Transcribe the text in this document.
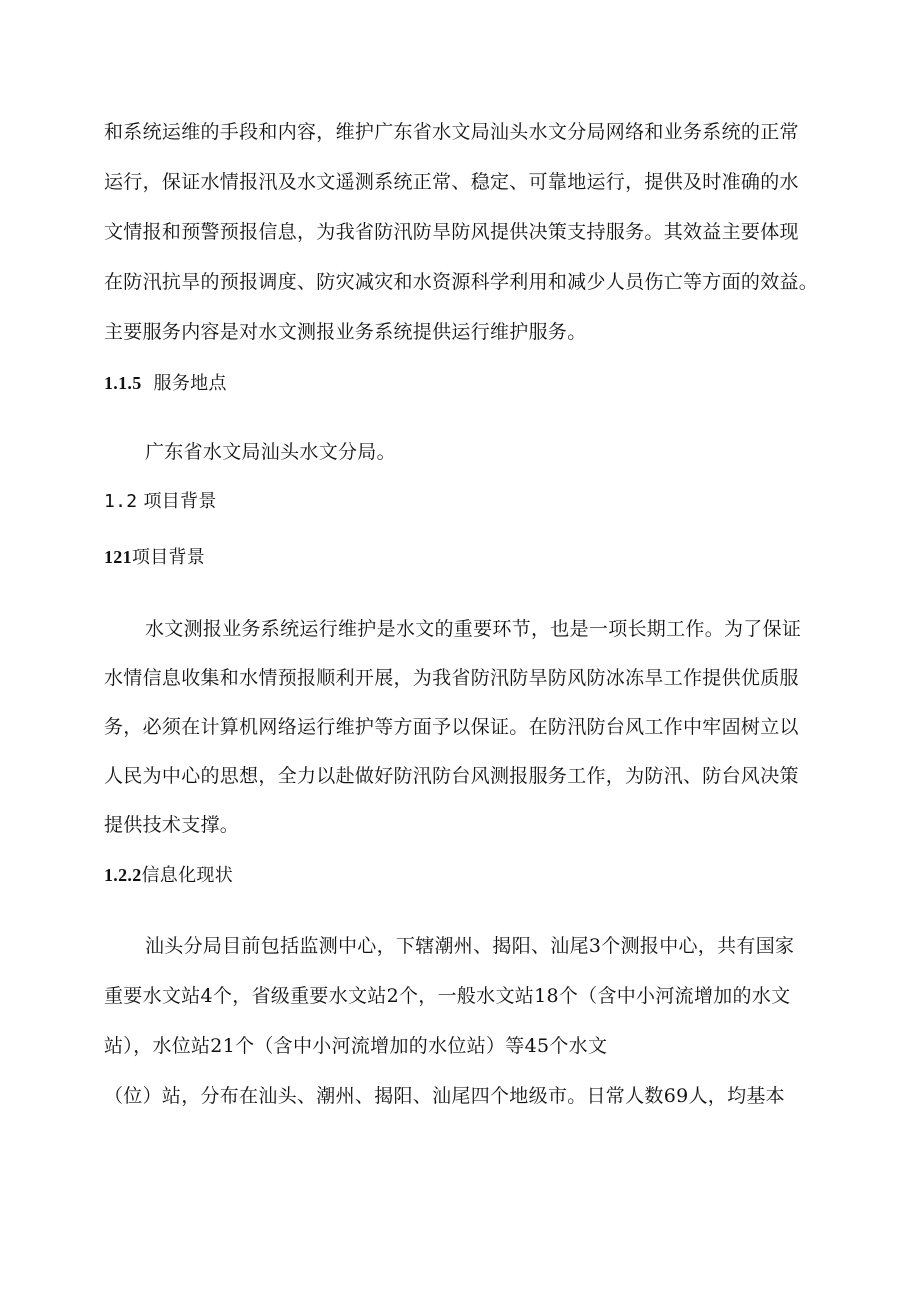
和系统运维的手段和内容，维护广东省水文局汕头水文分局网络和业务系统的正常
运行，保证水情报汛及水文遥测系统正常、稳定、可靠地运行，提供及时准确的水
文情报和预警预报信息，为我省防汛防旱防风提供决策支持服务。其效益主要体现
在防汛抗旱的预报调度、防灾减灾和水资源科学利用和减少人员伤亡等方面的效益。
主要服务内容是对水文测报业务系统提供运行维护服务。
1.1.5 服务地点
广东省水文局汕头水文分局。
1.2 项目背景
121项目背景
水文测报业务系统运行维护是水文的重要环节，也是一项长期工作。为了保证
水情信息收集和水情预报顺利开展，为我省防汛防旱防风防冰冻旱工作提供优质服
务，必须在计算机网络运行维护等方面予以保证。在防汛防台风工作中牢固树立以
人民为中心的思想，全力以赴做好防汛防台风测报服务工作，为防汛、防台风决策
提供技术支撑。
1.2.2信息化现状
汕头分局目前包括监测中心，下辖潮州、揭阳、汕尾3个测报中心，共有国家
重要水文站4个，省级重要水文站2个，一般水文站18个（含中小河流增加的水文
站），水位站21个（含中小河流增加的水位站）等45个水文
（位）站，分布在汕头、潮州、揭阳、汕尾四个地级市。日常人数69人，均基本
